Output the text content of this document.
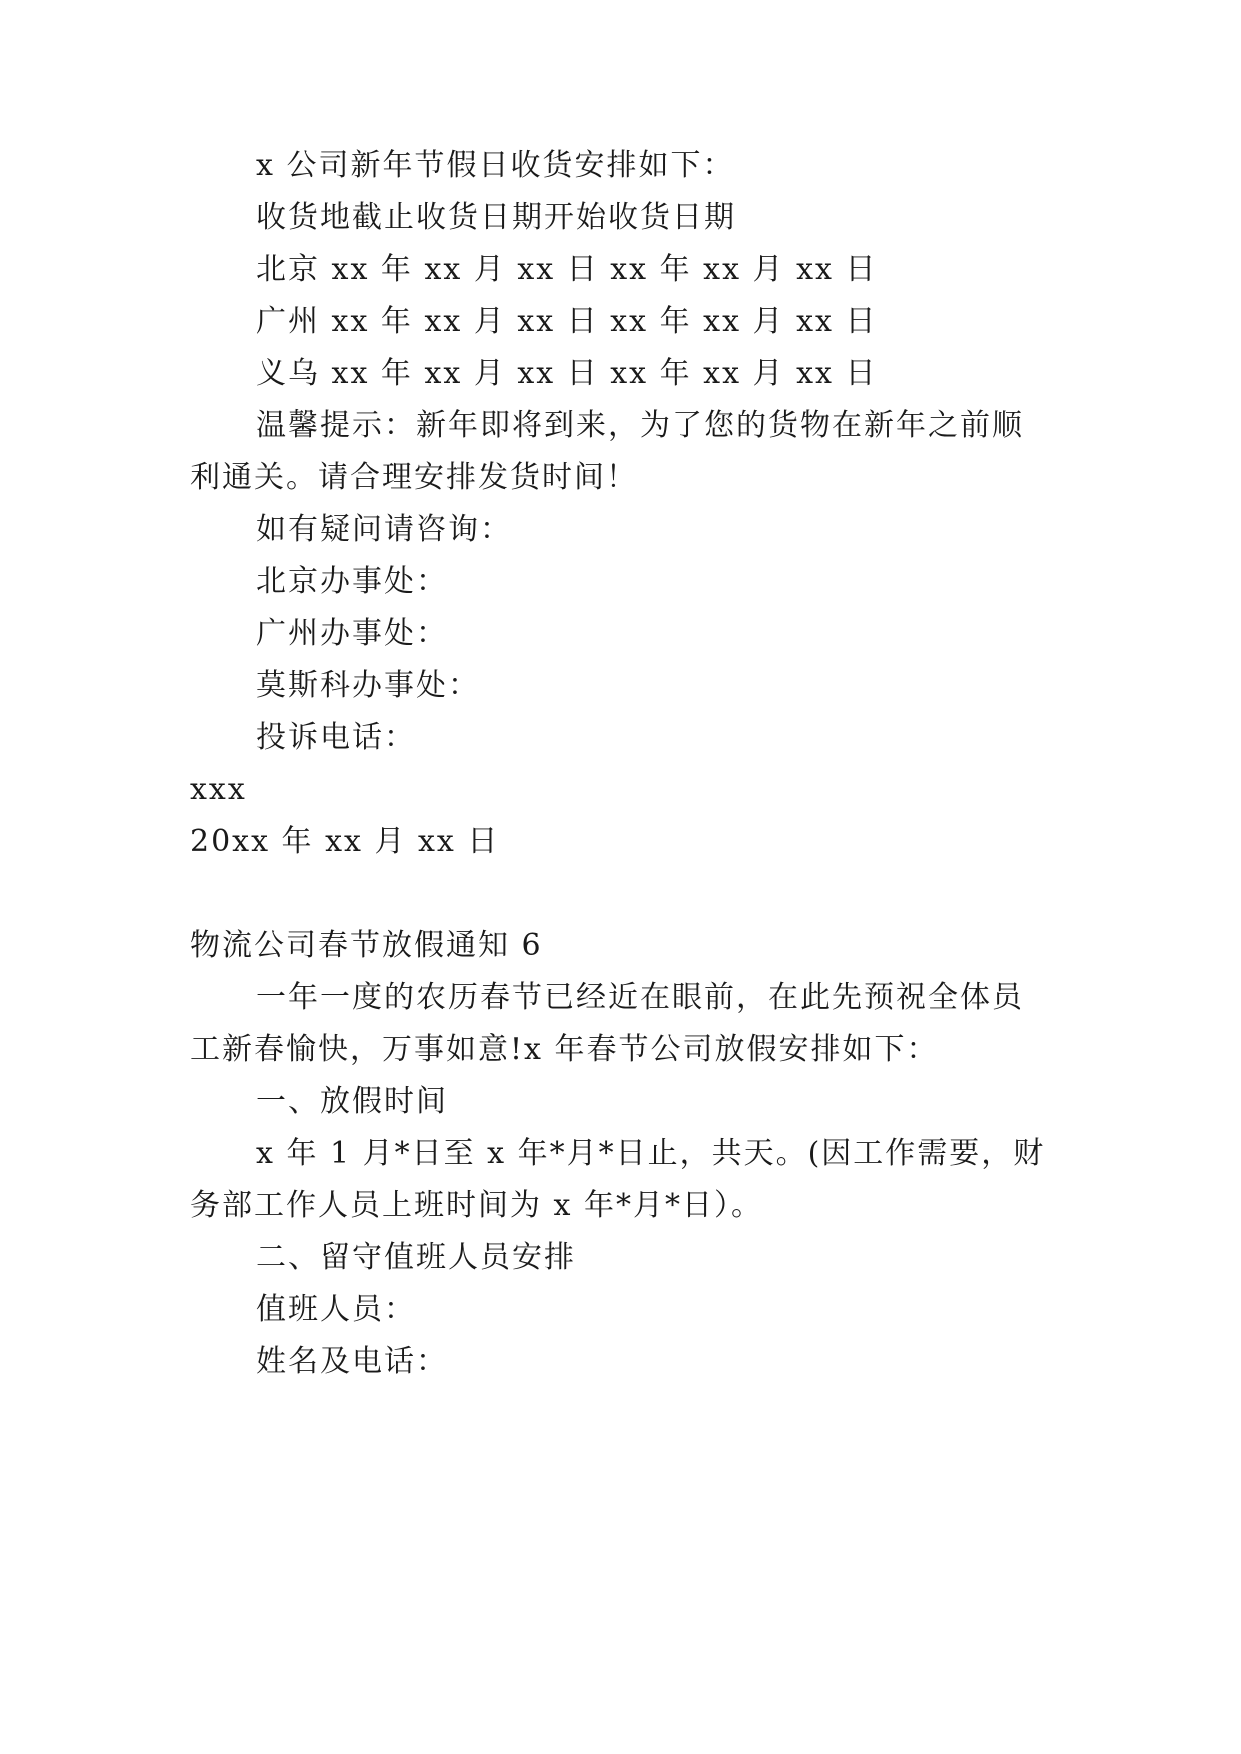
x 公司新年节假日收货安排如下：
收货地截止收货日期开始收货日期
北京 xx 年 xx 月 xx 日 xx 年 xx 月 xx 日
广州 xx 年 xx 月 xx 日 xx 年 xx 月 xx 日
义乌 xx 年 xx 月 xx 日 xx 年 xx 月 xx 日
温馨提示：新年即将到来，为了您的货物在新年之前顺
利通关。请合理安排发货时间！
如有疑问请咨询：
北京办事处：
广州办事处：
莫斯科办事处：
投诉电话：
xxx
20xx 年 xx 月 xx 日
物流公司春节放假通知 6
一年一度的农历春节已经近在眼前，在此先预祝全体员
工新春愉快，万事如意!x 年春节公司放假安排如下：
一、放假时间
x 年 1 月*日至 x 年*月*日止，共天。(因工作需要，财
务部工作人员上班时间为 x 年*月*日）。
二、留守值班人员安排
值班人员：
姓名及电话：
